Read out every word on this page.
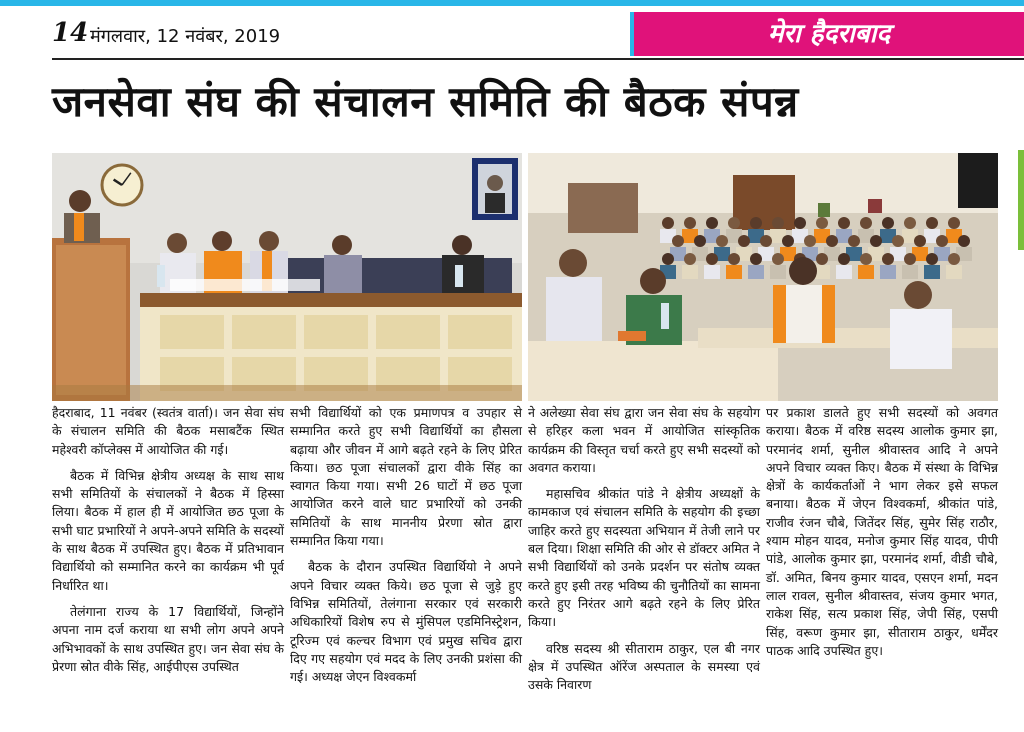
14 मंगलवार, 12 नवंबर, 2019	मेरा हैदराबाद
जनसेवा संघ की संचालन समिति की बैठक संपन्न

हैदराबाद, 11 नवंबर (स्वतंत्र वार्ता)। जन सेवा संघ के संचालन समिति की बैठक मसाबटैंक स्थित महेश्वरी कॉप्लेक्स में आयोजित की गई।

बैठक में विभिन्न क्षेत्रीय अध्यक्ष के साथ साथ सभी समितियों के संचालकों ने बैठक में हिस्सा लिया। बैठक में हाल ही में आयोजित छठ पूजा के सभी घाट प्रभारियों ने अपने-अपने समिति के सदस्यों के साथ बैठक में उपस्थित हुए। बैठक में प्रतिभावान विद्यार्थियो को सम्मानित करने का कार्यक्रम भी पूर्व निर्धारित था।

तेलंगाना राज्य के 17 विद्यार्थियों, जिन्होंने अपना नाम दर्ज कराया था सभी लोग अपने अपने अभिभावकों के साथ उपस्थित हुए। जन सेवा संघ के प्रेरणा स्रोत वीके सिंह, आईपीएस उपस्थित

सभी विद्यार्थियों को एक प्रमाणपत्र व उपहार से सम्मानित करते हुए सभी विद्यार्थियों का हौसला बढ़ाया और जीवन में आगे बढ़ते रहने के लिए प्रेरित किया। छठ पूजा संचालकों द्वारा वीके सिंह का स्वागत किया गया। सभी 26 घाटों में छठ पूजा आयोजित करने वाले घाट प्रभारियों को उनकी समितियों के साथ माननीय प्रेरणा स्रोत द्वारा सम्मानित किया गया।

बैठक के दौरान उपस्थित विद्यार्थियो ने अपने अपने विचार व्यक्त किये। छठ पूजा से जुड़े हुए विभिन्न समितियों, तेलंगाना सरकार एवं सरकारी अधिकारियों विशेष रुप से मुंसिपल एडमिनिस्ट्रेशन, टूरिज्म एवं कल्चर विभाग एवं प्रमुख सचिव द्वारा दिए गए सहयोग एवं मदद के लिए उनकी प्रशंसा की गई। अध्यक्ष जेएन विश्वकर्मा

ने अलेख्या सेवा संघ द्वारा जन सेवा संघ के सहयोग से हरिहर कला भवन में आयोजित सांस्कृतिक कार्यक्रम की विस्तृत चर्चा करते हुए सभी सदस्यों को अवगत कराया।

महासचिव श्रीकांत पांडे ने क्षेत्रीय अध्यक्षों के कामकाज एवं संचालन समिति के सहयोग की इच्छा जाहिर करते हुए सदस्यता अभियान में तेजी लाने पर बल दिया। शिक्षा समिति की ओर से डॉक्टर अमित ने सभी विद्यार्थियों को उनके प्रदर्शन पर संतोष व्यक्त करते हुए इसी तरह भविष्य की चुनौतियों का सामना करते हुए निरंतर आगे बढ़ते रहने के लिए प्रेरित किया।

वरिष्ठ सदस्य श्री सीताराम ठाकुर, एल बी नगर क्षेत्र में उपस्थित ऑरेंज अस्पताल के समस्या एवं उसके निवारण

पर प्रकाश डालते हुए सभी सदस्यों को अवगत कराया। बैठक में वरिष्ठ सदस्य आलोक कुमार झा, परमानंद शर्मा, सुनील श्रीवास्तव आदि ने अपने अपने विचार व्यक्त किए। बैठक में संस्था के विभिन्न क्षेत्रों के कार्यकर्ताओं ने भाग लेकर इसे सफल बनाया। बैठक में जेएन विश्वकर्मा, श्रीकांत पांडे, राजीव रंजन चौबे, जितेंदर सिंह, सुमेर सिंह राठौर, श्याम मोहन यादव, मनोज कुमार सिंह यादव, पीपी पांडे, आलोक कुमार झा, परमानंद शर्मा, वीडी चौबे, डॉ. अमित, बिनय कुमार यादव, एसएन शर्मा, मदन लाल रावल, सुनील श्रीवास्तव, संजय कुमार भगत, राकेश सिंह, सत्य प्रकाश सिंह, जेपी सिंह, एसपी सिंह, वरूण कुमार झा, सीताराम ठाकुर, धर्मेंदर पाठक आदि उपस्थित हुए।
